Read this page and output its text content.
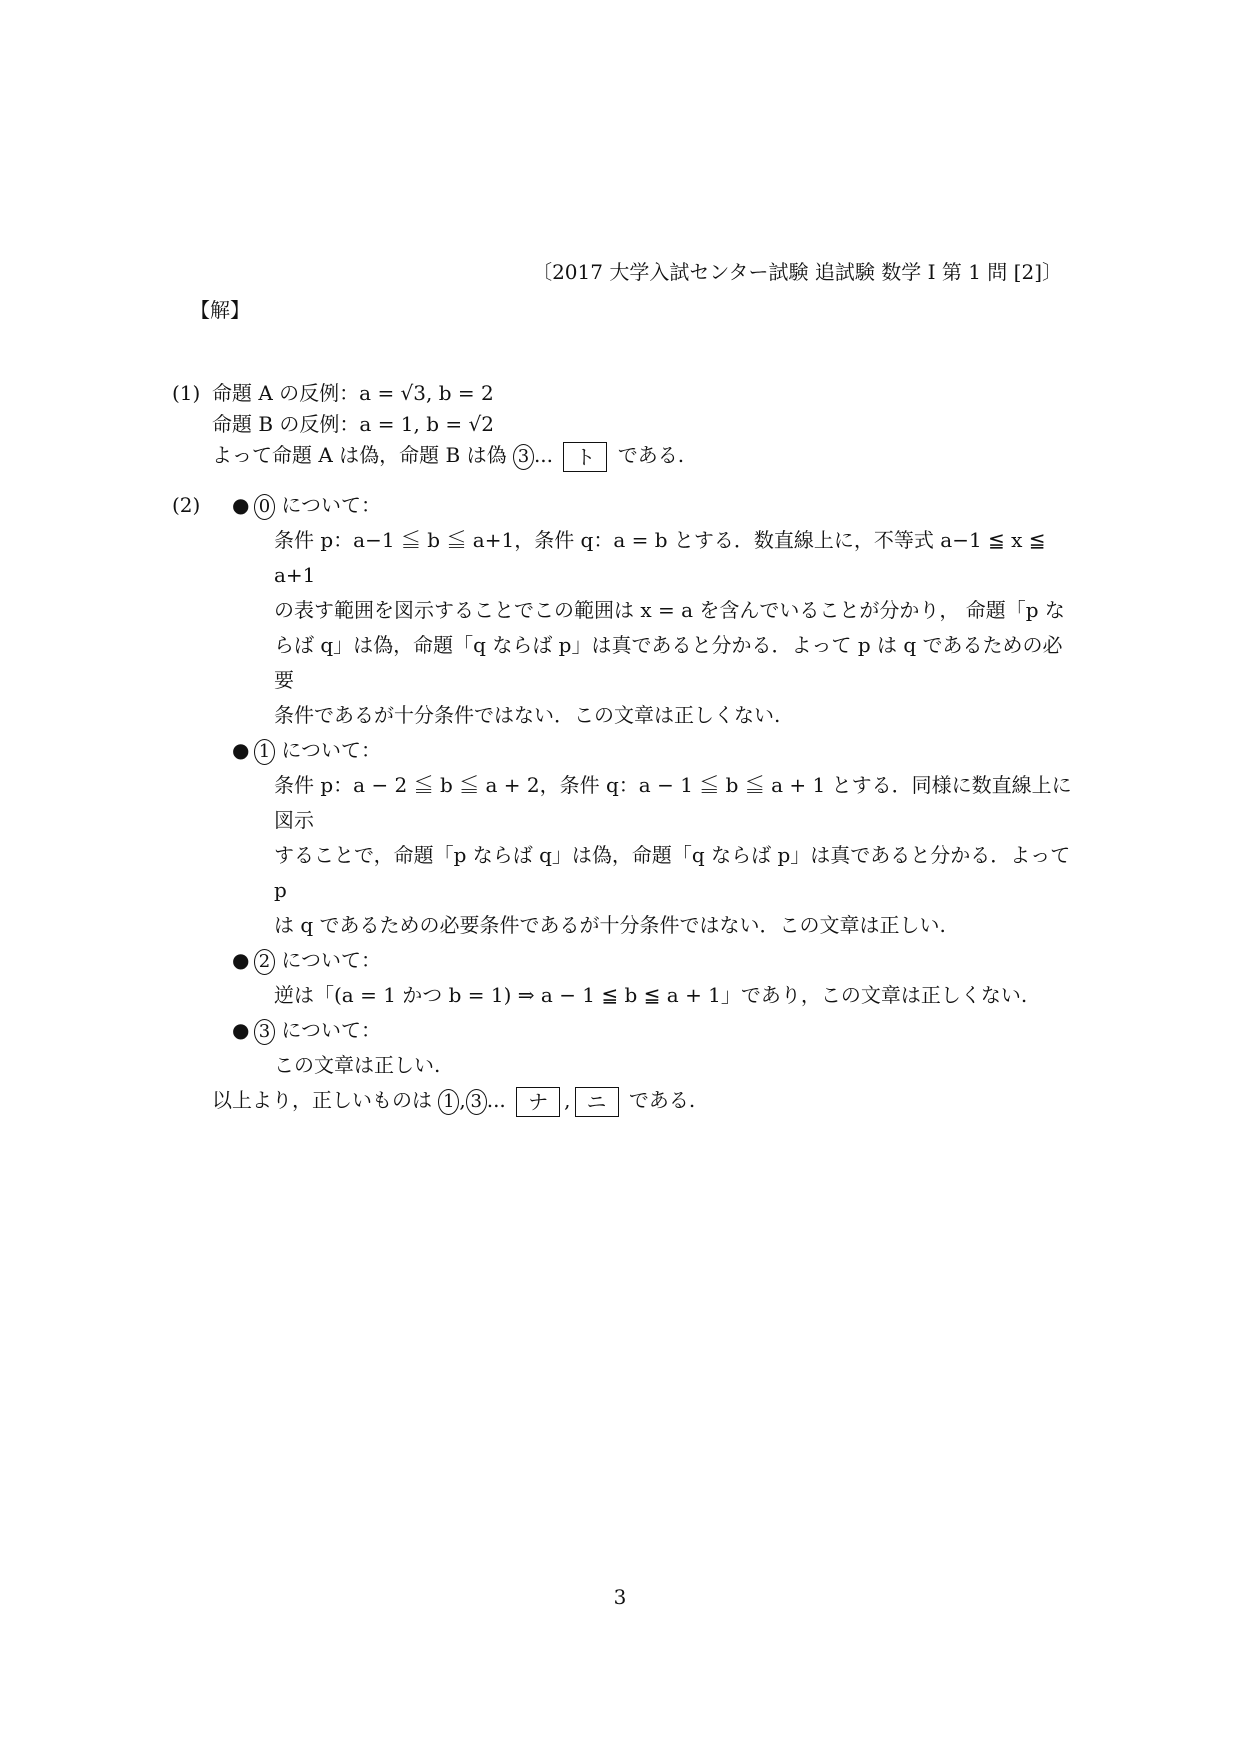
〔2017 大学入試センター試験 追試験 数学 I 第 1 問 [2]〕
【解】
(1) 命題 A の反例：a = √3, b = 2
命題 B の反例：a = 1, b = √2
よって命題 A は偽，命題 B は偽 3 ... ト である.
(2) ● 0 について：
条件 p：a−1 ≦ b ≦ a+1，条件 q：a = b とする．数直線上に，不等式 a−1 ≦ x ≦ a+1
の表す範囲を図示することでこの範囲は x = a を含んでいることが分かり， 命題「p な
らば q」は偽，命題「q ならば p」は真であると分かる．よって p は q であるための必要
条件であるが十分条件ではない．この文章は正しくない.
● 1 について：
条件 p：a − 2 ≦ b ≦ a + 2，条件 q：a − 1 ≦ b ≦ a + 1 とする．同様に数直線上に図示
することで，命題「p ならば q」は偽，命題「q ならば p」は真であると分かる．よって p
は q であるための必要条件であるが十分条件ではない．この文章は正しい.
● 2 について：
逆は「(a = 1 かつ b = 1) ⇒ a − 1 ≦ b ≦ a + 1」であり，この文章は正しくない.
● 3 について：
この文章は正しい.
以上より，正しいものは 1 , 3 ... ナ , ニ である.
3
